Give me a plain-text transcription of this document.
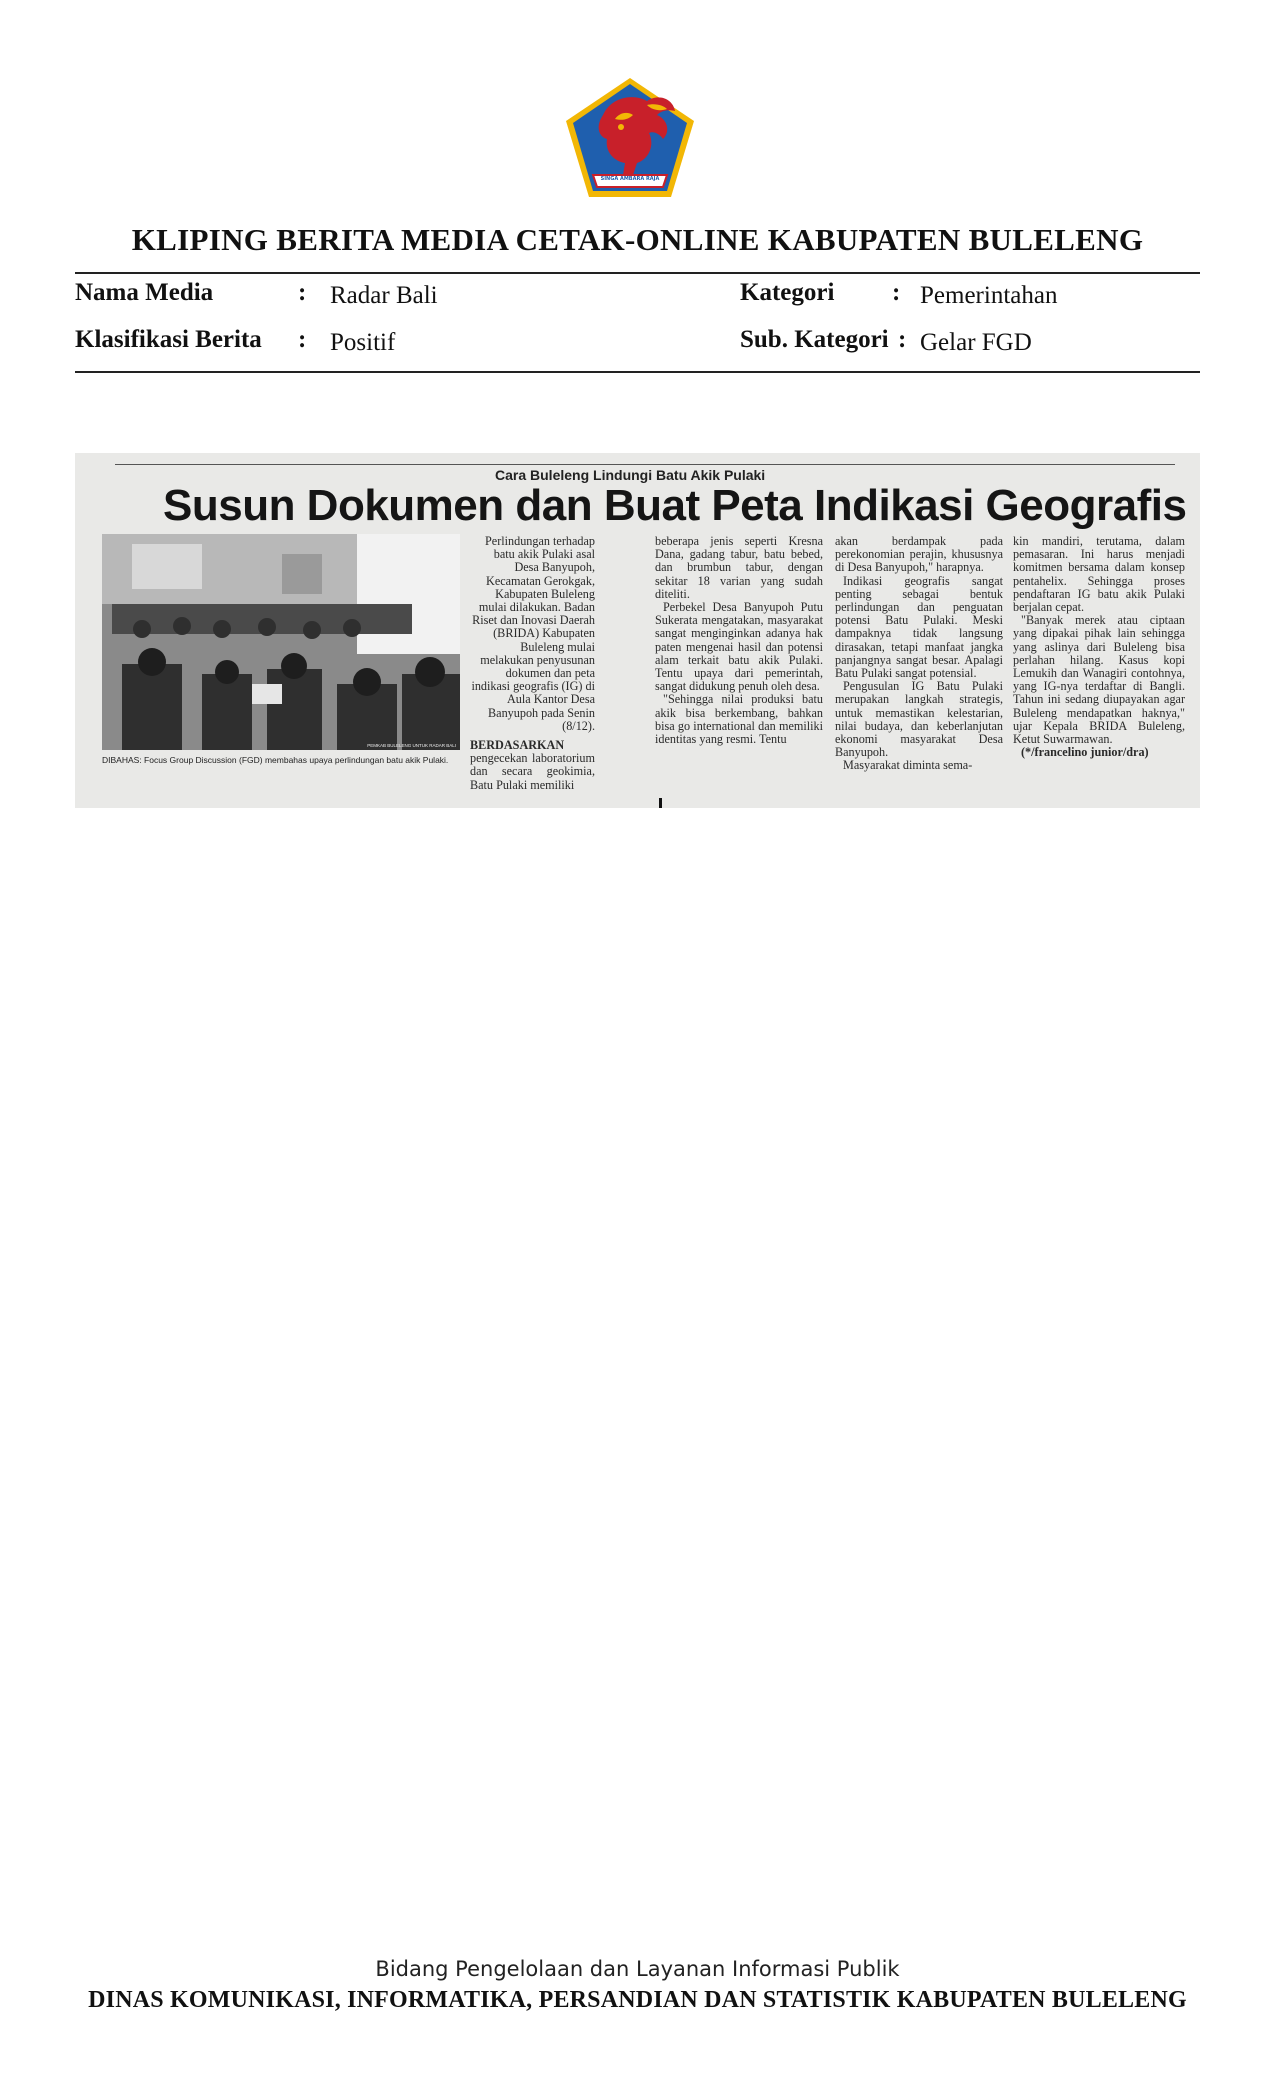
SINGA AMBARA RAJA
KLIPING BERITA MEDIA CETAK-ONLINE KABUPATEN BULELENG
Nama Media	: Radar Bali
Klasifikasi Berita : Positif
Kategori : Pemerintahan
Sub. Kategori : Gelar FGD
Cara Buleleng Lindungi Batu Akik Pulaki
Susun Dokumen dan Buat Peta Indikasi Geografis
PEMKAB BULELENG UNTUK RADAR BALI
DIBAHAS: Focus Group Discussion (FGD) membahas upaya perlindungan batu akik Pulaki.

Perlindungan terhadap batu akik Pulaki asal Desa Banyupoh, Kecamatan Gerokgak, Kabupaten Buleleng mulai dilakukan. Badan Riset dan Inovasi Daerah (BRIDA) Kabupaten Buleleng mulai melakukan penyusunan dokumen dan peta indikasi geografis (IG) di Aula Kantor Desa Banyupoh pada Senin (8/12).

BERDASARKAN pengecekan laboratorium dan secara geokimia, Batu Pulaki memiliki

beberapa jenis seperti Kresna Dana, gadang tabur, batu bebed, dan brumbun tabur, dengan sekitar 18 varian yang sudah diteliti.

Perbekel Desa Banyupoh Putu Sukerata mengatakan, masyarakat sangat menginginkan adanya hak paten mengenai hasil dan potensi alam terkait batu akik Pulaki. Tentu upaya dari pemerintah, sangat didukung penuh oleh desa.

"Sehingga nilai produksi batu akik bisa berkembang, bahkan bisa go international dan memiliki identitas yang resmi. Tentu

akan berdampak pada perekonomian perajin, khususnya di Desa Banyupoh," harapnya.

Indikasi geografis sangat penting sebagai bentuk perlindungan dan penguatan potensi Batu Pulaki. Meski dampaknya tidak langsung dirasakan, tetapi manfaat jangka panjangnya sangat besar. Apalagi Batu Pulaki sangat potensial.

Pengusulan IG Batu Pulaki merupakan langkah strategis, untuk memastikan kelestarian, nilai budaya, dan keberlanjutan ekonomi masyarakat Desa Banyupoh.

Masyarakat diminta sema-

kin mandiri, terutama, dalam pemasaran. Ini harus menjadi komitmen bersama dalam konsep pentahelix. Sehingga proses pendaftaran IG batu akik Pulaki berjalan cepat.

"Banyak merek atau ciptaan yang dipakai pihak lain sehingga yang aslinya dari Buleleng bisa perlahan hilang. Kasus kopi Lemukih dan Wanagiri contohnya, yang IG-nya terdaftar di Bangli. Tahun ini sedang diupayakan agar Buleleng mendapatkan haknya," ujar Kepala BRIDA Buleleng, Ketut Suwarmawan.

(*/francelino junior/dra)

Bidang Pengelolaan dan Layanan Informasi Publik
DINAS KOMUNIKASI, INFORMATIKA, PERSANDIAN DAN STATISTIK KABUPATEN BULELENG
